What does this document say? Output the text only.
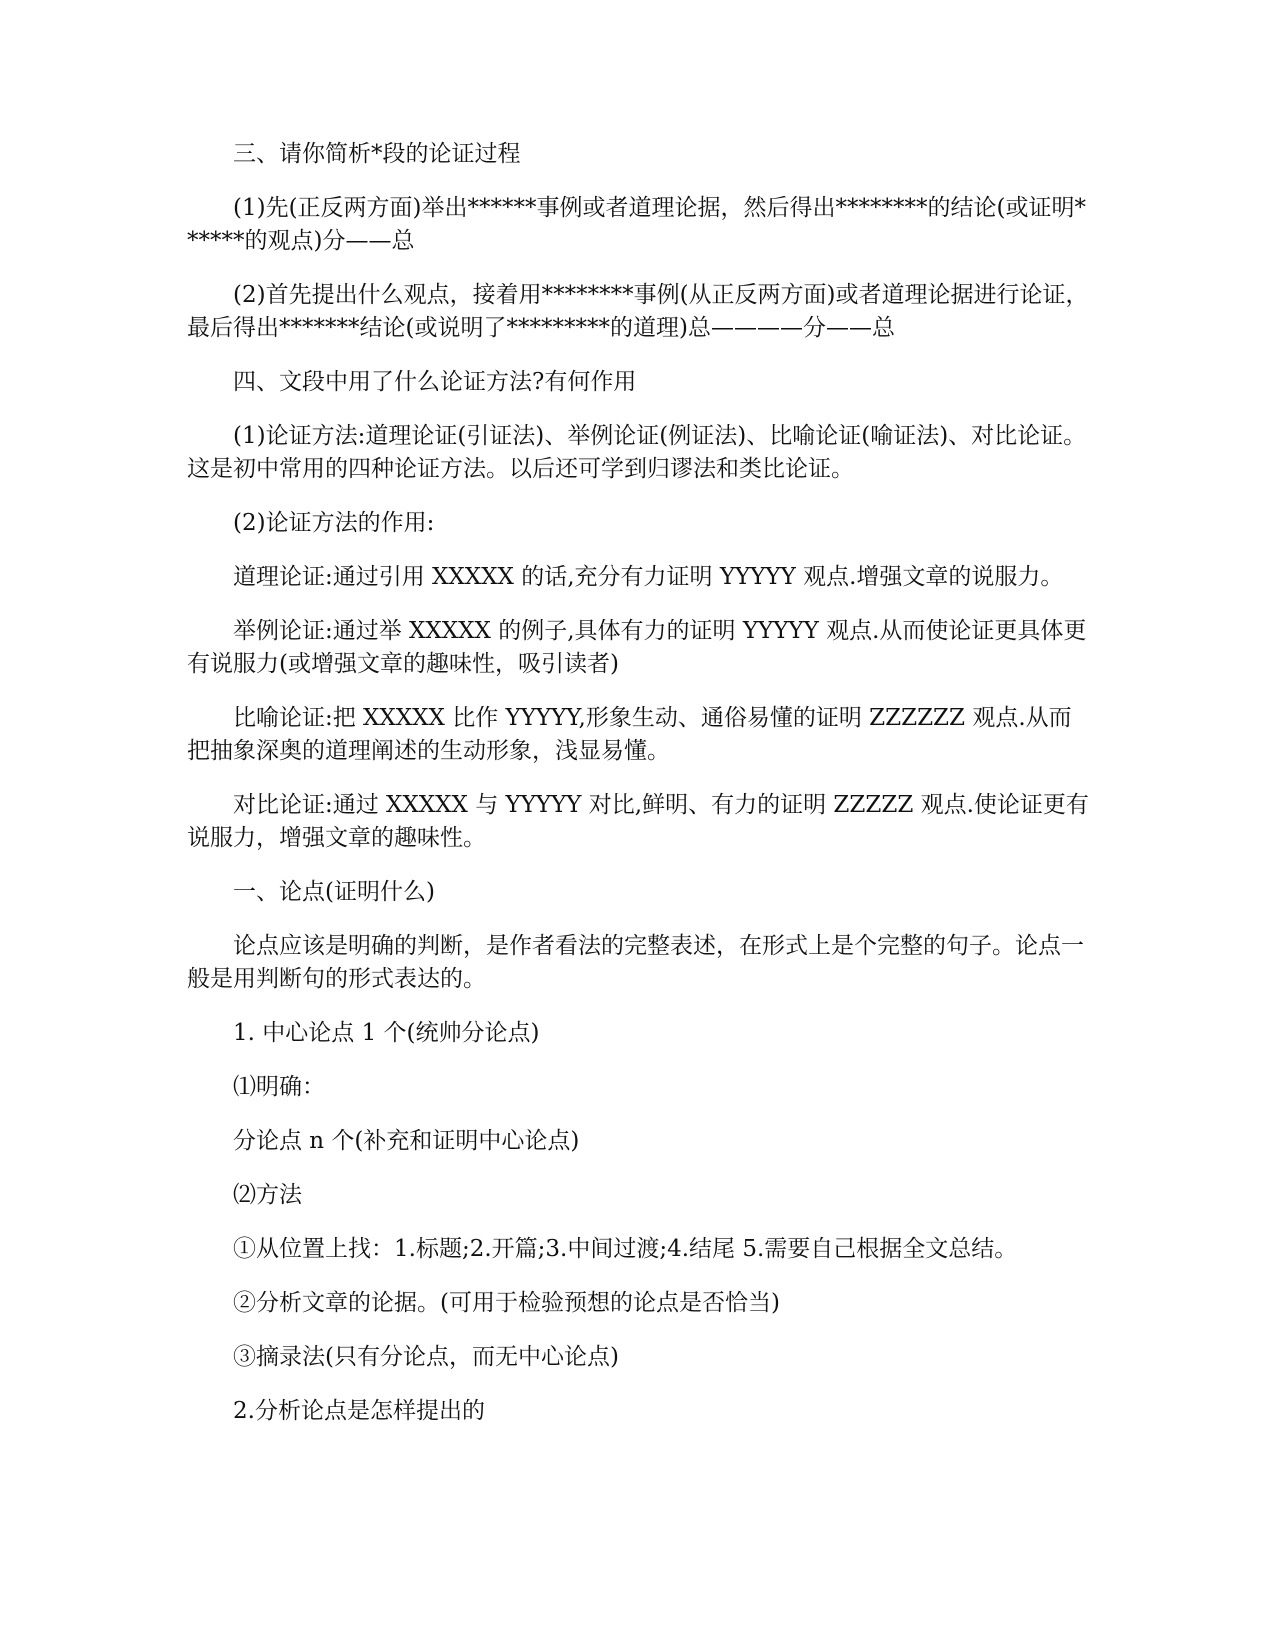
三、请你简析*段的论证过程

(1)先(正反两方面)举出******事例或者道理论据，然后得出********的结论(或证明******的观点)分——总

(2)首先提出什么观点，接着用********事例(从正反两方面)或者道理论据进行论证，最后得出*******结论(或说明了*********的道理)总————分——总

四、文段中用了什么论证方法?有何作用

(1)论证方法:道理论证(引证法)、举例论证(例证法)、比喻论证(喻证法)、对比论证。这是初中常用的四种论证方法。以后还可学到归谬法和类比论证。

(2)论证方法的作用:

道理论证:通过引用 XXXXX 的话,充分有力证明 YYYYY 观点.增强文章的说服力。

举例论证:通过举 XXXXX 的例子,具体有力的证明 YYYYY 观点.从而使论证更具体更有说服力(或增强文章的趣味性，吸引读者)

比喻论证:把 XXXXX 比作 YYYYY,形象生动、通俗易懂的证明 ZZZZZZ 观点.从而把抽象深奥的道理阐述的生动形象，浅显易懂。

对比论证:通过 XXXXX 与 YYYYY 对比,鲜明、有力的证明 ZZZZZ 观点.使论证更有说服力，增强文章的趣味性。

一、论点(证明什么)

论点应该是明确的判断，是作者看法的完整表述，在形式上是个完整的句子。论点一般是用判断句的形式表达的。

1. 中心论点 1 个(统帅分论点)

⑴明确：

分论点 n 个(补充和证明中心论点)

⑵方法

①从位置上找：1.标题;2.开篇;3.中间过渡;4.结尾 5.需要自己根据全文总结。

②分析文章的论据。(可用于检验预想的论点是否恰当)

③摘录法(只有分论点，而无中心论点)

2.分析论点是怎样提出的
